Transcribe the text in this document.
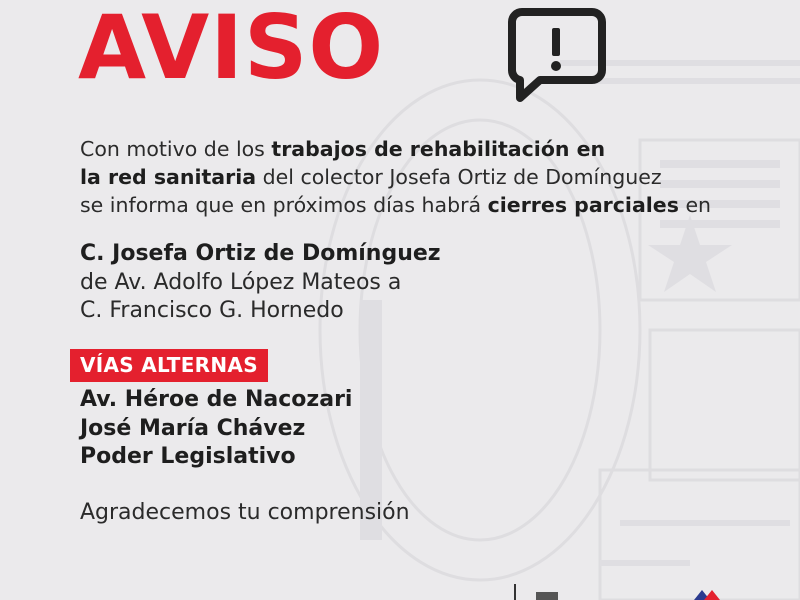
AVISO
Con motivo de los trabajos de rehabilitación en
la red sanitaria del colector Josefa Ortiz de Domínguez
se informa que en próximos días habrá cierres parciales en
C. Josefa Ortiz de Domínguez
de Av. Adolfo López Mateos a
C. Francisco G. Hornedo
VÍAS ALTERNAS
Av. Héroe de Nacozari
José María Chávez
Poder Legislativo
Agradecemos tu comprensión
